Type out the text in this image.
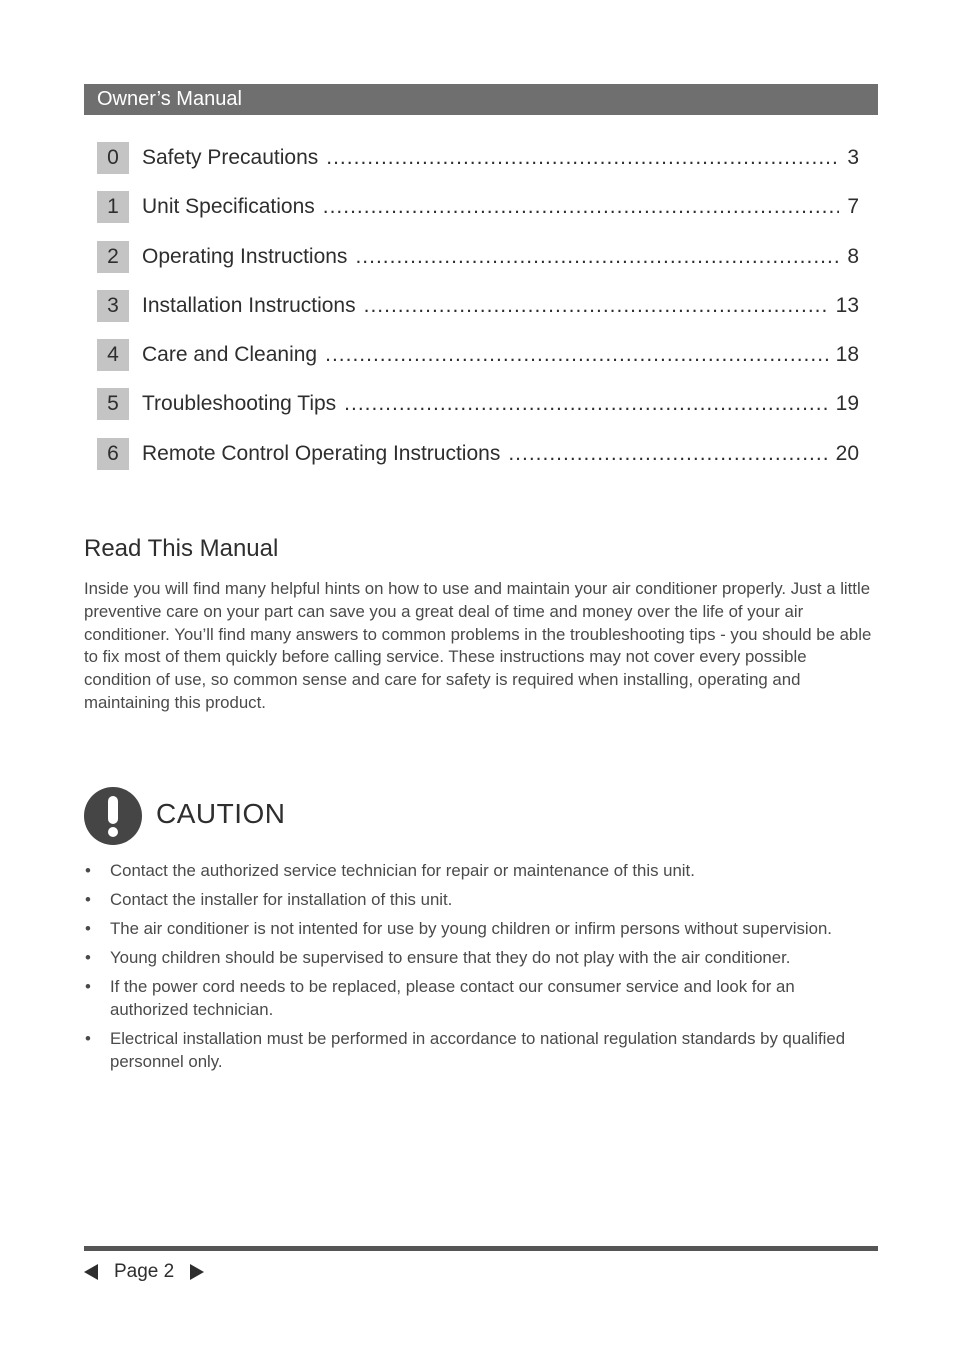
Owner’s Manual
0	Safety Precautions .....	3
1	Unit Specifications .....	7
2	Operating Instructions .....	8
3	Installation Instructions .....	13
4	Care and Cleaning .....	18
5	Troubleshooting Tips .....	19
6	Remote Control Operating Instructions .....	20
Read This Manual

Inside you will find many helpful hints on how to use and maintain your air conditioner properly. Just a little preventive care on your part can save you a great deal of time and money over the life of your air conditioner. You’ll find many answers to common problems in the troubleshooting tips - you should be able to fix most of them quickly before calling service. These instructions may not cover every possible condition of use, so common sense and care for safety is required when installing, operating and maintaining this product.

CAUTION
• Contact the authorized service technician for repair or maintenance of this unit.
• Contact the installer for installation of this unit.
• The air conditioner is not intented for use by young children or infirm persons without supervision.
• Young children should be supervised to ensure that they do not play with the air conditioner.
• If the power cord needs to be replaced, please contact our consumer service and look for an authorized technician.
• Electrical installation must be performed in accordance to national regulation standards by qualified personnel only.
Page 2
